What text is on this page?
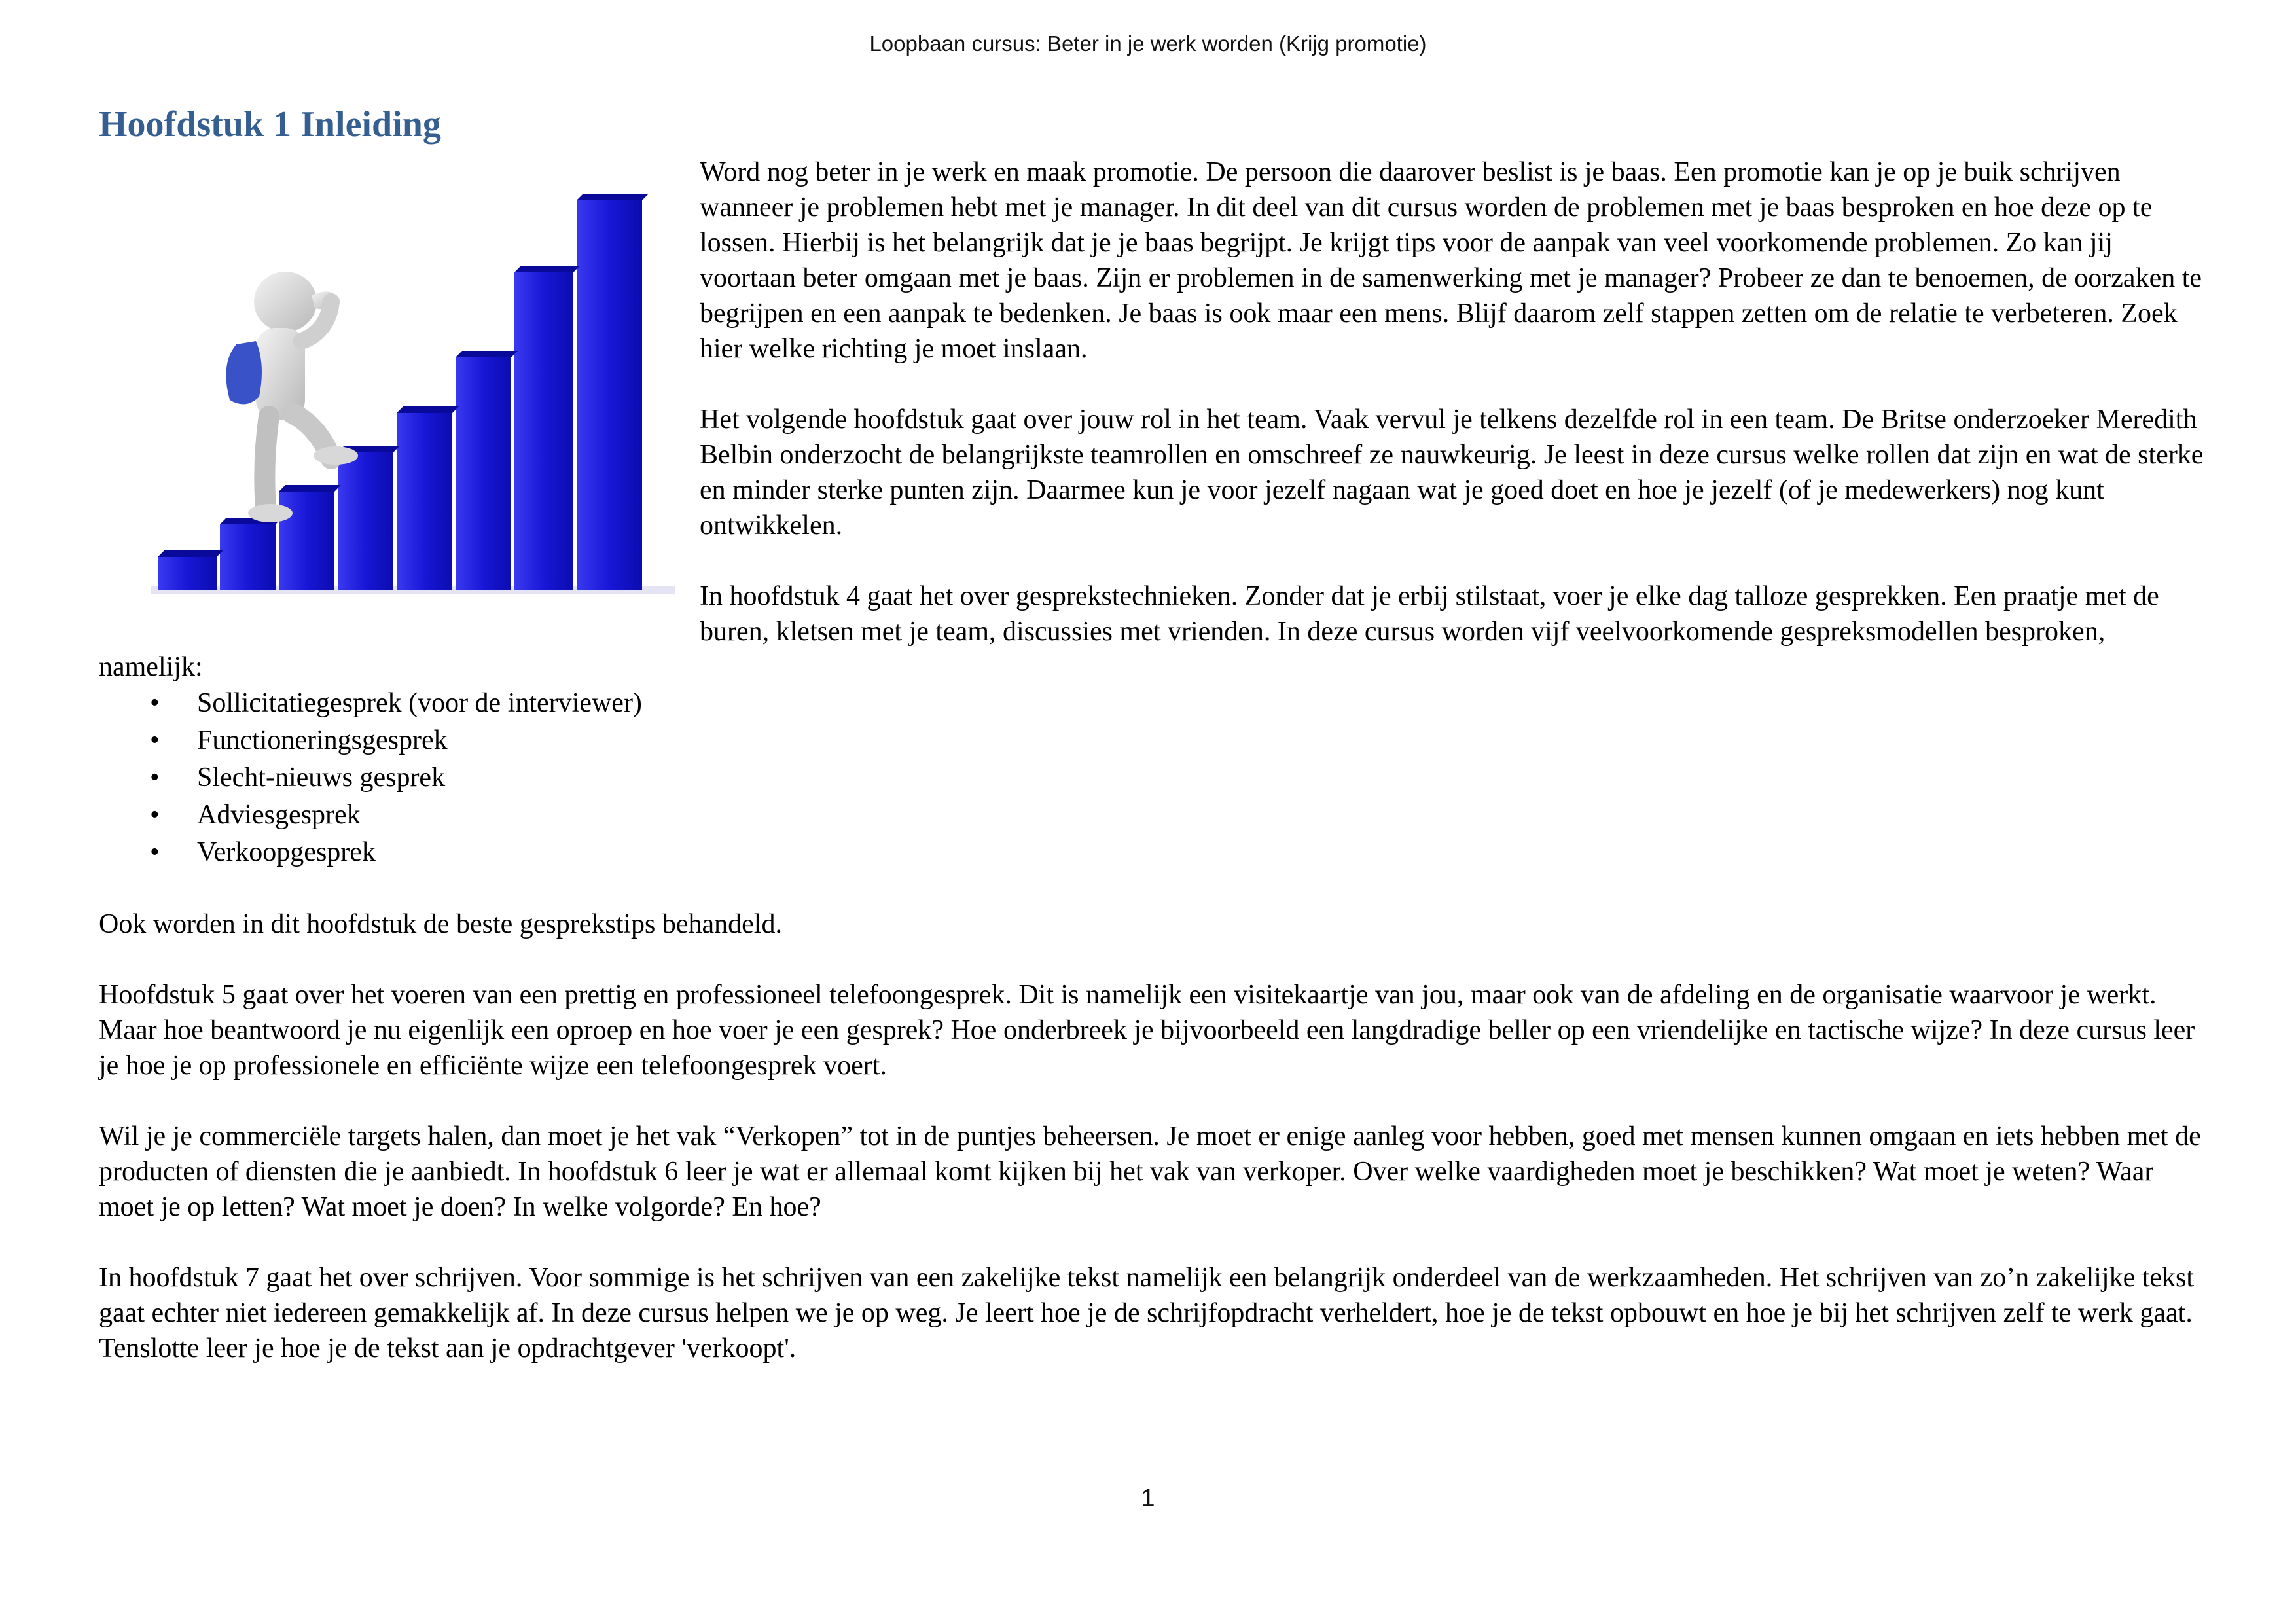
Loopbaan cursus: Beter in je werk worden (Krijg promotie)
Hoofdstuk 1 Inleiding

Word nog beter in je werk en maak promotie. De persoon die daarover beslist is je baas. Een promotie kan je op je buik schrijven wanneer je problemen hebt met je manager. In dit deel van dit cursus worden de problemen met je baas besproken en hoe deze op te lossen. Hierbij is het belangrijk dat je je baas begrijpt. Je krijgt tips voor de aanpak van veel voorkomende problemen. Zo kan jij voortaan beter omgaan met je baas. Zijn er problemen in de samenwerking met je manager? Probeer ze dan te benoemen, de oorzaken te begrijpen en een aanpak te bedenken. Je baas is ook maar een mens. Blijf daarom zelf stappen zetten om de relatie te verbeteren. Zoek hier welke richting je moet inslaan.

Het volgende hoofdstuk gaat over jouw rol in het team. Vaak vervul je telkens dezelfde rol in een team. De Britse onderzoeker Meredith Belbin onderzocht de belangrijkste teamrollen en omschreef ze nauwkeurig. Je leest in deze cursus welke rollen dat zijn en wat de sterke en minder sterke punten zijn. Daarmee kun je voor jezelf nagaan wat je goed doet en hoe je jezelf (of je medewerkers) nog kunt ontwikkelen.

In hoofdstuk 4 gaat het over gesprekstechnieken. Zonder dat je erbij stilstaat, voer je elke dag talloze gesprekken. Een praatje met de buren, kletsen met je team, discussies met vrienden. In deze cursus worden vijf veelvoorkomende gespreksmodellen besproken, namelijk:

• Sollicitatiegesprek (voor de interviewer)
• Functioneringsgesprek
• Slecht-nieuws gesprek
• Adviesgesprek
• Verkoopgesprek

Ook worden in dit hoofdstuk de beste gesprekstips behandeld.

Hoofdstuk 5 gaat over het voeren van een prettig en professioneel telefoongesprek. Dit is namelijk een visitekaartje van jou, maar ook van de afdeling en de organisatie waarvoor je werkt. Maar hoe beantwoord je nu eigenlijk een oproep en hoe voer je een gesprek? Hoe onderbreek je bijvoorbeeld een langdradige beller op een vriendelijke en tactische wijze? In deze cursus leer je hoe je op professionele en efficiënte wijze een telefoongesprek voert.

Wil je je commerciële targets halen, dan moet je het vak “Verkopen” tot in de puntjes beheersen. Je moet er enige aanleg voor hebben, goed met mensen kunnen omgaan en iets hebben met de producten of diensten die je aanbiedt. In hoofdstuk 6 leer je wat er allemaal komt kijken bij het vak van verkoper. Over welke vaardigheden moet je beschikken? Wat moet je weten? Waar moet je op letten? Wat moet je doen? In welke volgorde? En hoe?

In hoofdstuk 7 gaat het over schrijven. Voor sommige is het schrijven van een zakelijke tekst namelijk een belangrijk onderdeel van de werkzaamheden. Het schrijven van zo’n zakelijke tekst gaat echter niet iedereen gemakkelijk af. In deze cursus helpen we je op weg. Je leert hoe je de schrijfopdracht verheldert, hoe je de tekst opbouwt en hoe je bij het schrijven zelf te werk gaat. Tenslotte leer je hoe je de tekst aan je opdrachtgever 'verkoopt'.

1
